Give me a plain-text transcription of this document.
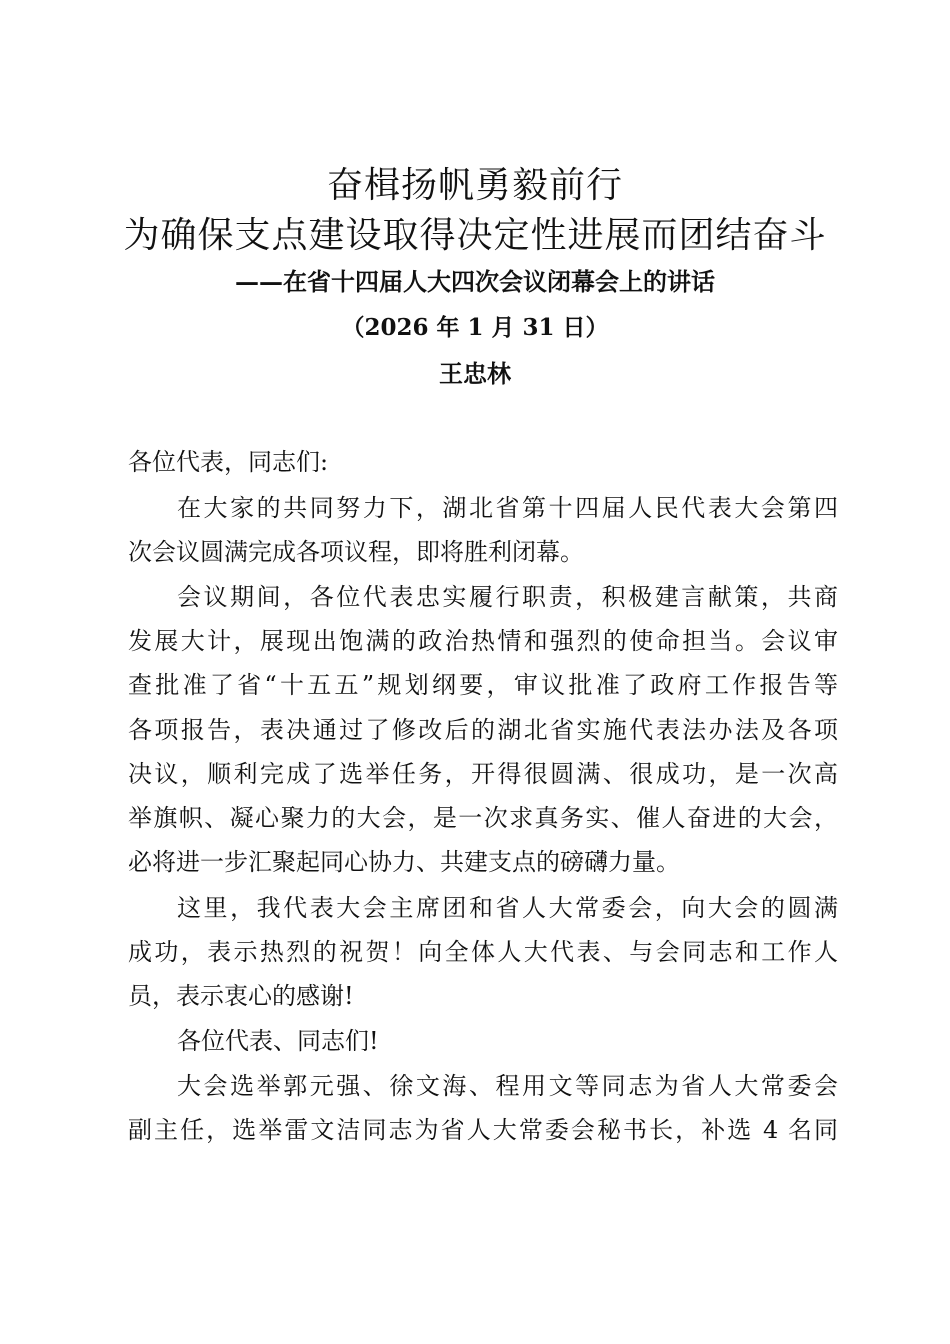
奋楫扬帆勇毅前行
为确保支点建设取得决定性进展而团结奋斗
——在省十四届人大四次会议闭幕会上的讲话
（2026 年 1 月 31 日）
王忠林
各位代表，同志们:
在大家的共同努力下，湖北省第十四届人民代表大会第四
次会议圆满完成各项议程，即将胜利闭幕。
会议期间，各位代表忠实履行职责，积极建言献策，共商
发展大计，展现出饱满的政治热情和强烈的使命担当。会议审
查批准了省“十五五”规划纲要，审议批准了政府工作报告等
各项报告，表决通过了修改后的湖北省实施代表法办法及各项
决议，顺利完成了选举任务，开得很圆满、很成功，是一次高
举旗帜、凝心聚力的大会，是一次求真务实、催人奋进的大会，
必将进一步汇聚起同心协力、共建支点的磅礴力量。
这里，我代表大会主席团和省人大常委会，向大会的圆满
成功，表示热烈的祝贺！向全体人大代表、与会同志和工作人
员，表示衷心的感谢!
各位代表、同志们!
大会选举郭元强、徐文海、程用文等同志为省人大常委会
副主任，选举雷文洁同志为省人大常委会秘书长，补选 4 名同
